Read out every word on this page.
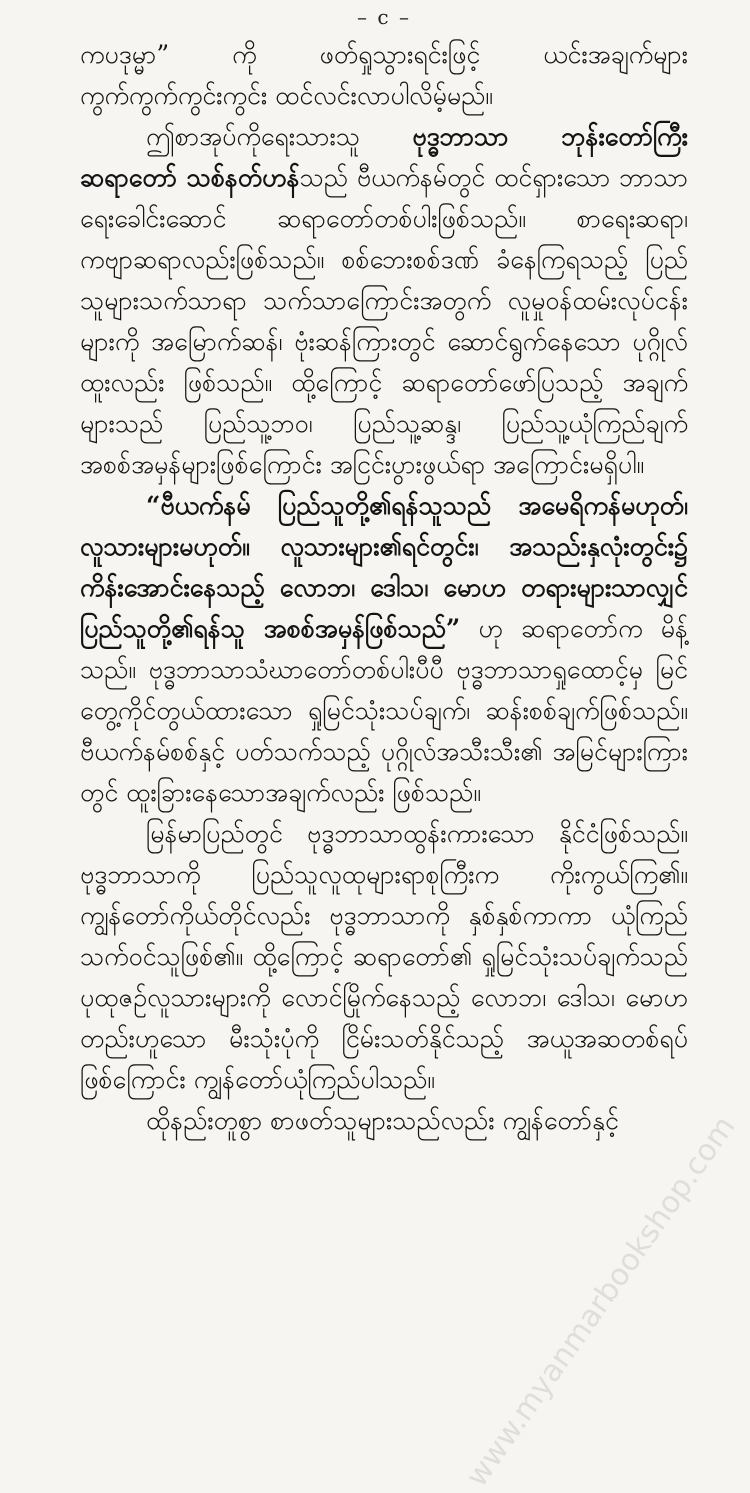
– c –

ကပဒုမ္မာ” ကို ဖတ်ရှုသွားရင်းဖြင့် ယင်းအချက်များ ကွက်ကွက်ကွင်းကွင်း ထင်လင်းလာပါလိမ့်မည်။

ဤစာအုပ်ကိုရေးသားသူ ဗုဒ္ဓဘာသာ ဘုန်းတော်ကြီး ဆရာတော် သစ်နတ်ဟန်သည် ဗီယက်နမ်တွင် ထင်ရှားသော ဘာသာရေးခေါင်းဆောင် ဆရာတော်တစ်ပါးဖြစ်သည်။ စာရေးဆရာ၊ ကဗျာဆရာလည်းဖြစ်သည်။ စစ်ဘေးစစ်ဒဏ် ခံနေကြရသည့် ပြည်သူများသက်သာရာ သက်သာကြောင်းအတွက် လူမှုဝန်ထမ်းလုပ်ငန်းများကို အမြောက်ဆန်၊ ဗုံးဆန်ကြားတွင် ဆောင်ရွက်နေသော ပုဂ္ဂိုလ်ထူးလည်း ဖြစ်သည်။ ထို့ကြောင့် ဆရာတော်ဖော်ပြသည့် အချက်များသည် ပြည်သူ့ဘဝ၊ ပြည်သူ့ဆန္ဒ၊ ပြည်သူ့ယုံကြည်ချက် အစစ်အမှန်များဖြစ်ကြောင်း အငြင်းပွားဖွယ်ရာ အကြောင်းမရှိပါ။

“ဗီယက်နမ် ပြည်သူတို့၏ရန်သူသည် အမေရိကန်မဟုတ်၊ လူသားများမဟုတ်။ လူသားများ၏ရင်တွင်း၊ အသည်းနှလုံးတွင်း၌ ကိန်းအောင်းနေသည့် လောဘ၊ ဒေါသ၊ မောဟ တရားများသာလျှင် ပြည်သူတို့၏ရန်သူ အစစ်အမှန်ဖြစ်သည်” ဟု ဆရာတော်က မိန့်သည်။ ဗုဒ္ဓဘာသာသံဃာတော်တစ်ပါးပီပီ ဗုဒ္ဓဘာသာရှုထောင့်မှ မြင်တွေ့ကိုင်တွယ်ထားသော ရှုမြင်သုံးသပ်ချက်၊ ဆန်းစစ်ချက်ဖြစ်သည်။ ဗီယက်နမ်စစ်နှင့် ပတ်သက်သည့် ပုဂ္ဂိုလ်အသီးသီး၏ အမြင်များကြားတွင် ထူးခြားနေသောအချက်လည်း ဖြစ်သည်။

မြန်မာပြည်တွင် ဗုဒ္ဓဘာသာထွန်းကားသော နိုင်ငံဖြစ်သည်။ ဗုဒ္ဓဘာသာကို ပြည်သူလူထုများရာစုကြီးက ကိုးကွယ်ကြ၏။ ကျွန်တော်ကိုယ်တိုင်လည်း ဗုဒ္ဓဘာသာကို နှစ်နှစ်ကာကာ ယုံကြည်သက်ဝင်သူဖြစ်၏။ ထို့ကြောင့် ဆရာတော်၏ ရှုမြင်သုံးသပ်ချက်သည် ပုထုဇဉ်လူသားများကို လောင်မြိုက်နေသည့် လောဘ၊ ဒေါသ၊ မောဟ တည်းဟူသော မီးသုံးပုံကို ငြိမ်းသတ်နိုင်သည့် အယူအဆတစ်ရပ်ဖြစ်ကြောင်း ကျွန်တော်ယုံကြည်ပါသည်။

ထိုနည်းတူစွာ စာဖတ်သူများသည်လည်း ကျွန်တော်နှင့်

www.myanmarbookshop.com
